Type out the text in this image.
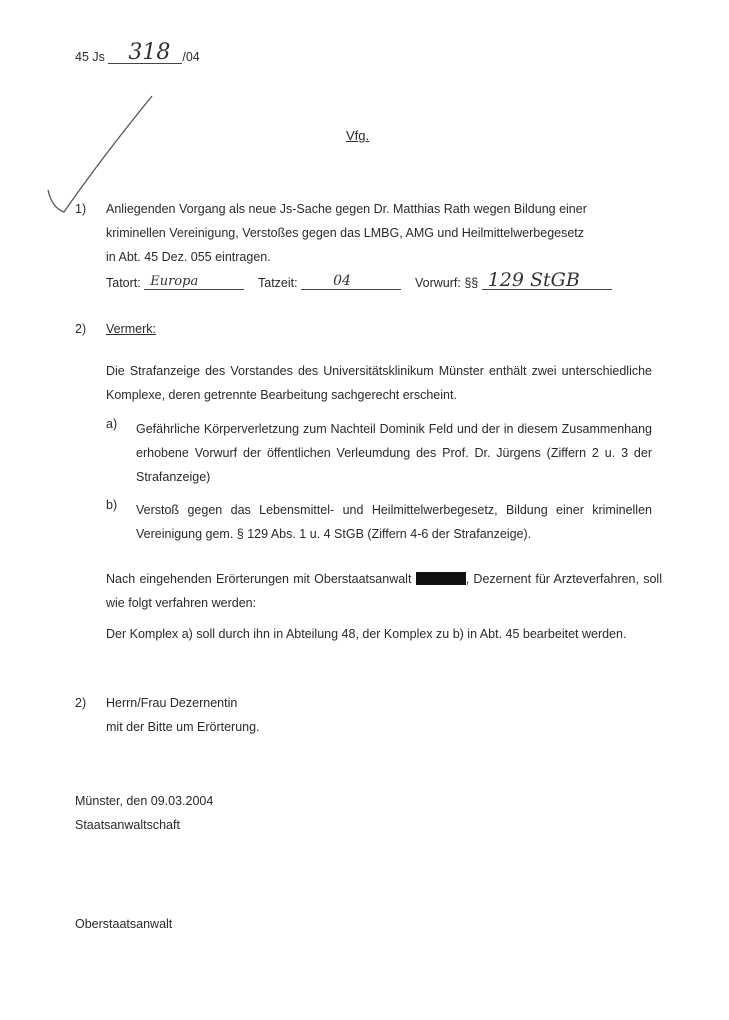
45 Js 318 /04
Vfg.
1) Anliegenden Vorgang als neue Js-Sache gegen Dr. Matthias Rath wegen Bildung einer
kriminellen Vereinigung, Verstoßes gegen das LMBG, AMG und Heilmittelwerbegesetz
in Abt. 45 Dez. 055 eintragen.
Tatort: Europa	Tatzeit:	04	Vorwurf: §§ 129 StGB
2) Vermerk:
Die Strafanzeige des Vorstandes des Universitätsklinikum Münster enthält zwei unterschiedliche Komplexe, deren getrennte Bearbeitung sachgerecht erscheint.
a) Gefährliche Körperverletzung zum Nachteil Dominik Feld und der in diesem Zusammenhang erhobene Vorwurf der öffentlichen Verleumdung des Prof. Dr. Jürgens (Ziffern 2 u. 3 der Strafanzeige)
b) Verstoß gegen das Lebensmittel- und Heilmittelwerbegesetz, Bildung einer kriminellen Vereinigung gem. § 129 Abs. 1 u. 4 StGB (Ziffern 4-6 der Strafanzeige).
Nach eingehenden Erörterungen mit Oberstaatsanwalt	, Dezernent für Arzteverfahren, soll wie folgt verfahren werden:
Der Komplex a) soll durch ihn in Abteilung 48, der Komplex zu b) in Abt. 45 bearbeitet werden.
2) Herrn/Frau Dezernentin
mit der Bitte um Erörterung.
Münster, den 09.03.2004
Staatsanwaltschaft
Oberstaatsanwalt
